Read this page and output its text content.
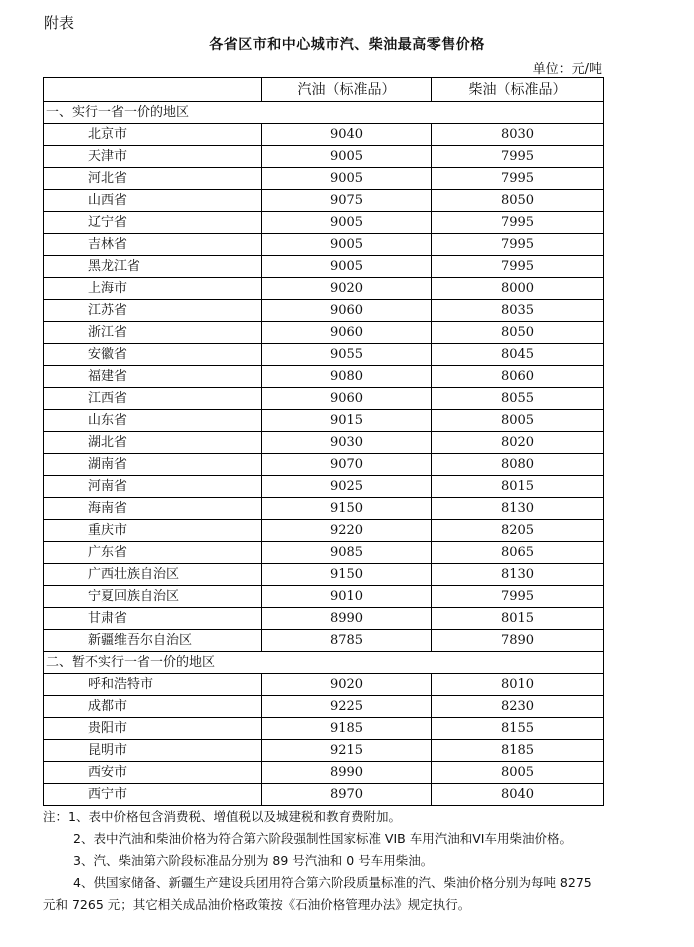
附表
各省区市和中心城市汽、柴油最高零售价格
单位：元/吨
	汽油（标准品）	柴油（标准品）
一、实行一省一价的地区		
北京市	9040	8030
天津市	9005	7995
河北省	9005	7995
山西省	9075	8050
辽宁省	9005	7995
吉林省	9005	7995
黑龙江省	9005	7995
上海市	9020	8000
江苏省	9060	8035
浙江省	9060	8050
安徽省	9055	8045
福建省	9080	8060
江西省	9060	8055
山东省	9015	8005
湖北省	9030	8020
湖南省	9070	8080
河南省	9025	8015
海南省	9150	8130
重庆市	9220	8205
广东省	9085	8065
广西壮族自治区	9150	8130
宁夏回族自治区	9010	7995
甘肃省	8990	8015
新疆维吾尔自治区	8785	7890
二、暂不实行一省一价的地区		
呼和浩特市	9020	8010
成都市	9225	8230
贵阳市	9185	8155
昆明市	9215	8185
西安市	8990	8005
西宁市	8970	8040

注：1、表中价格包含消费税、增值税以及城建税和教育费附加。

2、表中汽油和柴油价格为符合第六阶段强制性国家标准 VIB 车用汽油和VI车用柴油价格。

3、汽、柴油第六阶段标准品分别为 89 号汽油和 0 号车用柴油。

4、供国家储备、新疆生产建设兵团用符合第六阶段质量标准的汽、柴油价格分别为每吨 8275 元和 7265 元；其它相关成品油价格政策按《石油价格管理办法》规定执行。
